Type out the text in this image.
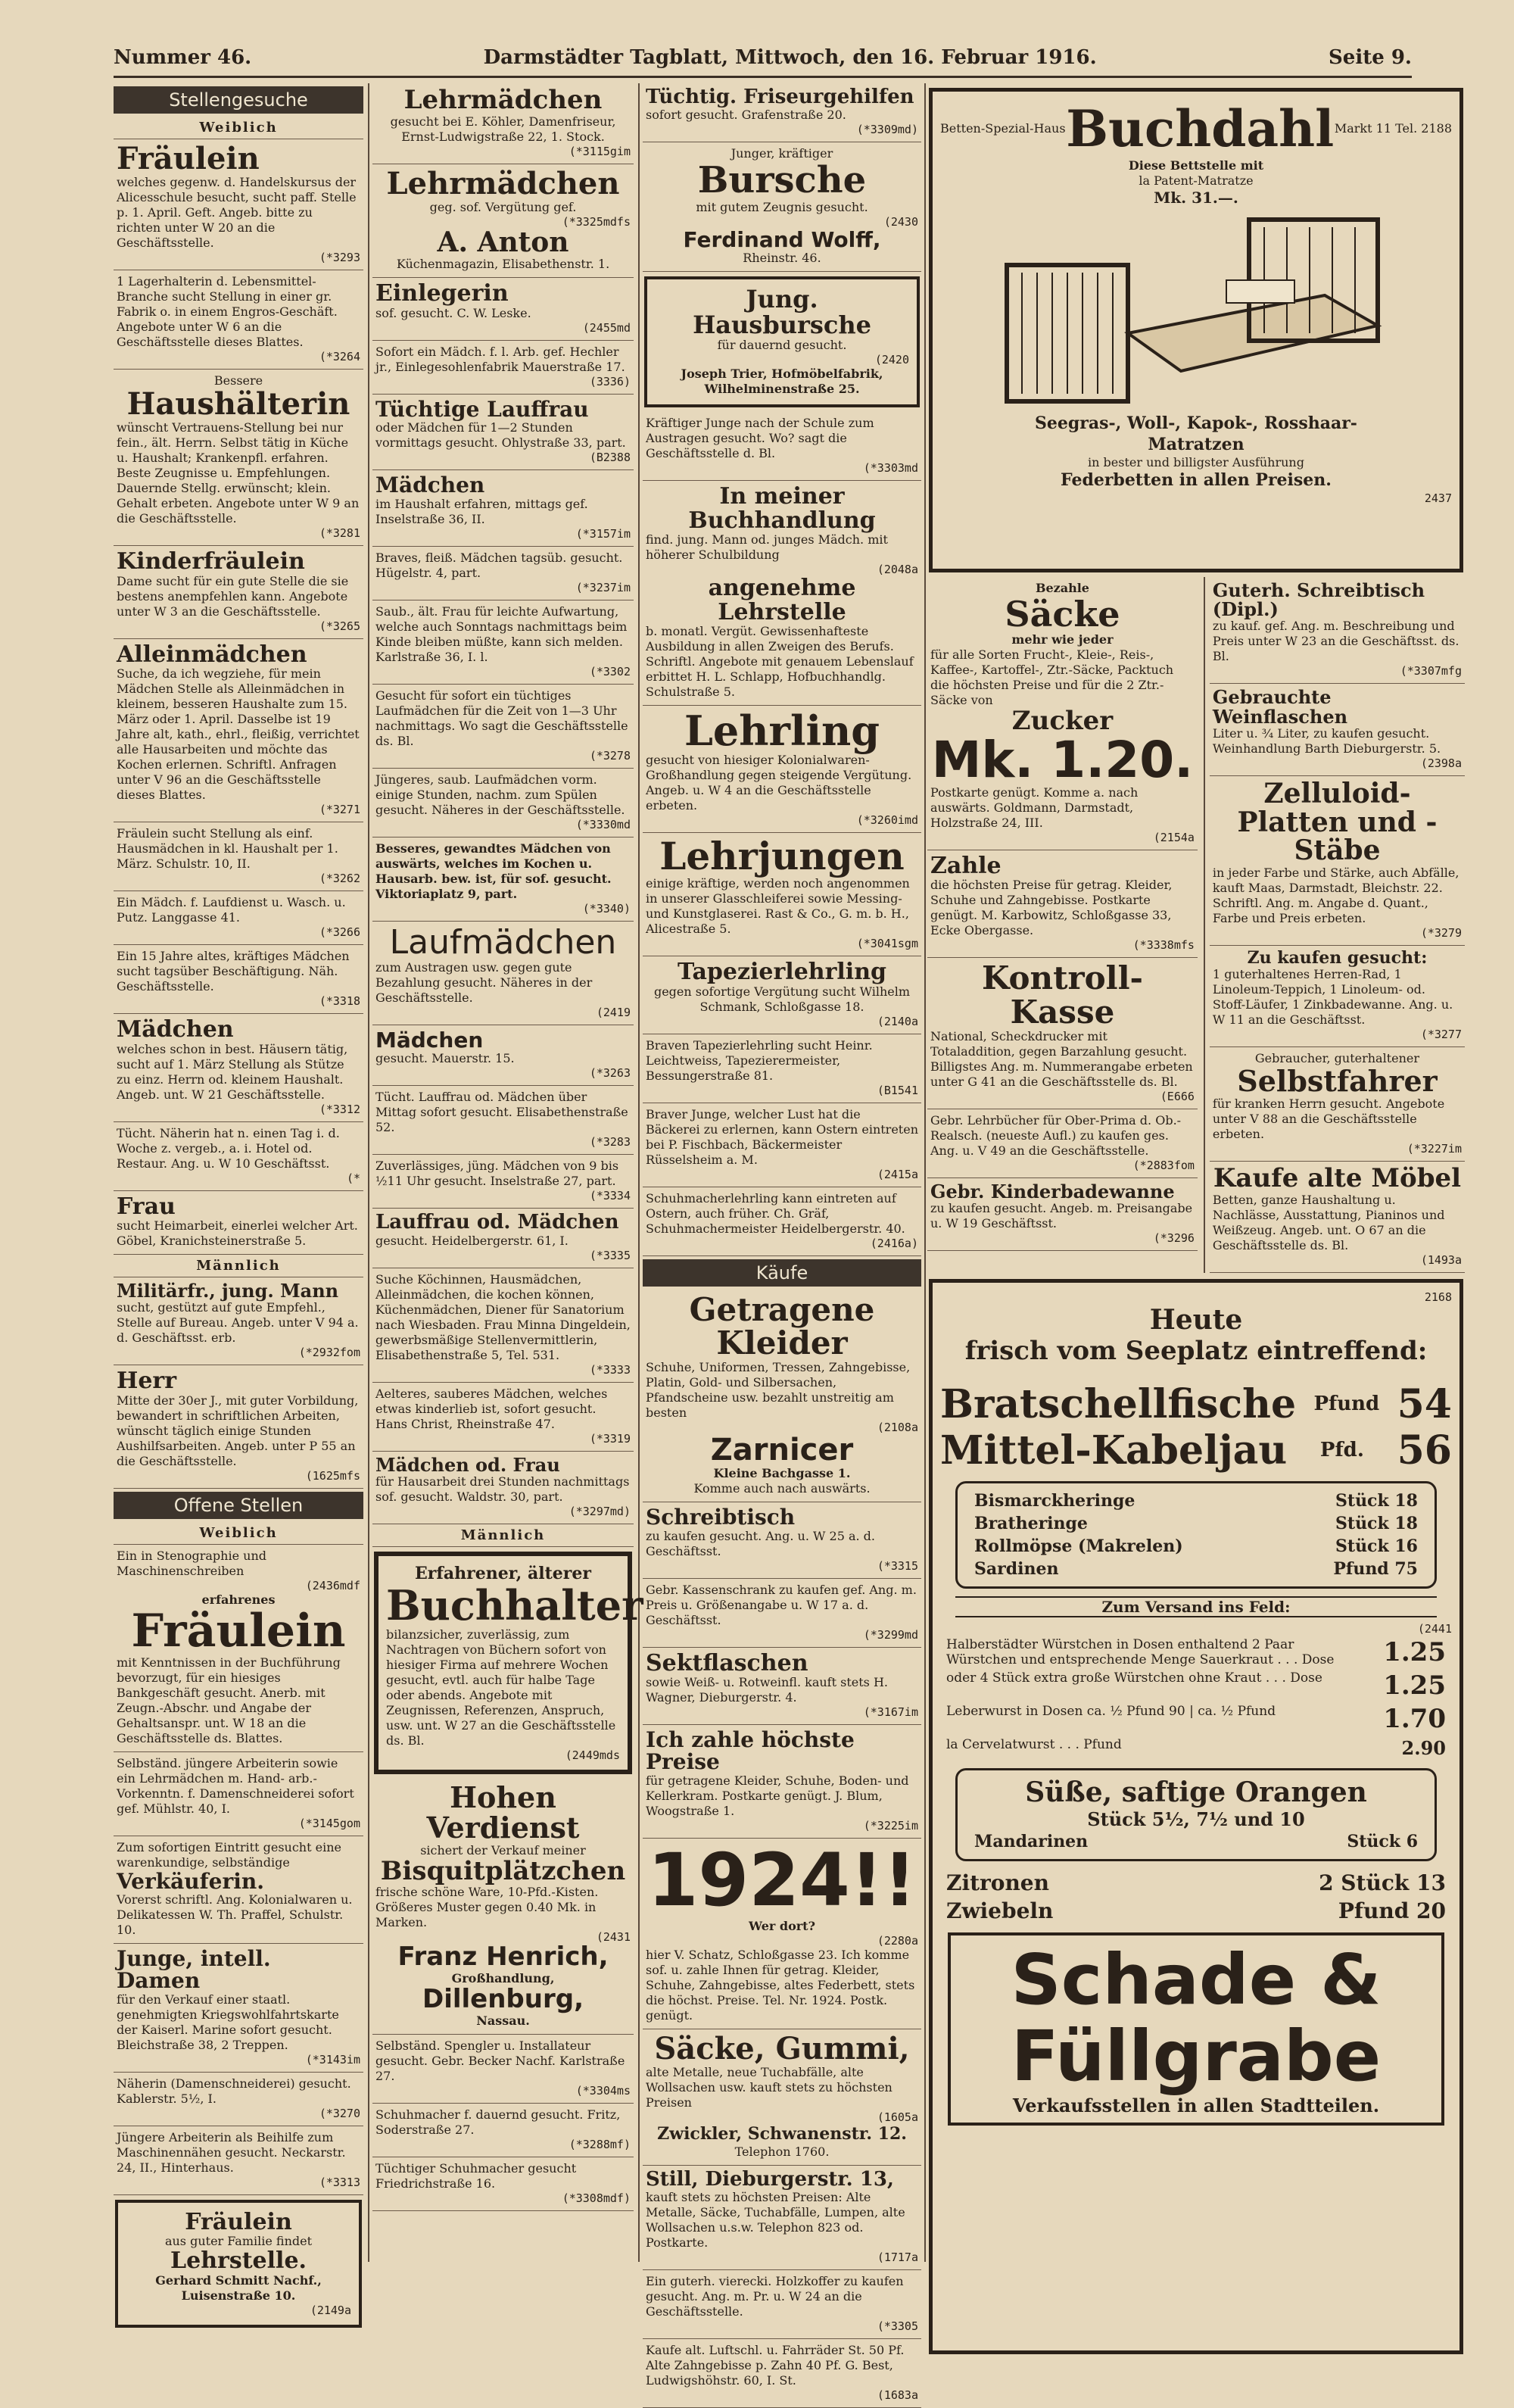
Nummer 46.	Darmstädter Tagblatt, Mittwoch, den 16. Februar 1916.	Seite 9.
Stellengesuche
Weiblich
Fräulein
welches gegenw. d. Handelskursus der Alicesschule besucht, sucht paff. Stelle p. 1. April. Geft. Angeb. bitte zu richten unter W 20 an die Geschäftsstelle.
(*3293
1 Lagerhalterin d. Lebensmittel-Branche sucht Stellung in einer gr. Fabrik o. in einem Engros-Geschäft. Angebote unter W 6 an die Geschäftsstelle dieses Blattes.
(*3264
Bessere
Haushälterin
wünscht Vertrauens-Stellung bei nur fein., ält. Herrn. Selbst tätig in Küche u. Haushalt; Krankenpfl. erfahren. Beste Zeugnisse u. Empfehlungen. Dauernde Stellg. erwünscht; klein. Gehalt erbeten. Angebote unter W 9 an die Geschäftsstelle.
(*3281
Kinderfräulein
Dame sucht für ein gute Stelle die sie bestens anempfehlen kann. Angebote unter W 3 an die Geschäftsstelle.
(*3265
Alleinmädchen
Suche, da ich wegziehe, für mein Mädchen Stelle als Alleinmädchen in kleinem, besseren Haushalte zum 15. März oder 1. April. Dasselbe ist 19 Jahre alt, kath., ehrl., fleißig, verrichtet alle Hausarbeiten und möchte das Kochen erlernen. Schriftl. Anfragen unter V 96 an die Geschäftsstelle dieses Blattes.
(*3271
Fräulein sucht Stellung als einf. Hausmädchen in kl. Haushalt per 1. März. Schulstr. 10, II.
(*3262
Ein Mädch. f. Laufdienst u. Wasch. u. Putz. Langgasse 41.
(*3266
Ein 15 Jahre altes, kräftiges Mädchen sucht tagsüber Beschäftigung. Näh. Geschäftsstelle.
(*3318
Mädchen
welches schon in best. Häusern tätig, sucht auf 1. März Stellung als Stütze zu einz. Herrn od. kleinem Haushalt. Angeb. unt. W 21 Geschäftsstelle.
(*3312
Tücht. Näherin hat n. einen Tag i. d. Woche z. vergeb., a. i. Hotel od. Restaur. Ang. u. W 10 Geschäftsst.
(*
Frau
sucht Heimarbeit, einerlei welcher Art. Göbel, Kranichsteinerstraße 5.
Männlich
Militärfr., jung. Mann
sucht, gestützt auf gute Empfehl., Stelle auf Bureau. Angeb. unter V 94 a. d. Geschäftsst. erb.
(*2932fom
Herr
Mitte der 30er J., mit guter Vorbildung, bewandert in schriftlichen Arbeiten, wünscht täglich einige Stunden Aushilfsarbeiten. Angeb. unter P 55 an die Geschäftsstelle.
(1625mfs
Offene Stellen
Weiblich
Ein in Stenographie und Maschinenschreiben
(2436mdf
erfahrenes
Fräulein
mit Kenntnissen in der Buchführung bevorzugt, für ein hiesiges Bankgeschäft gesucht. Anerb. mit Zeugn.-Abschr. und Angabe der Gehaltsanspr. unt. W 18 an die Geschäftsstelle ds. Blattes.
Selbständ. jüngere Arbeiterin sowie ein Lehrmädchen m. Hand- arb.-Vorkenntn. f. Damenschneiderei sofort gef. Mühlstr. 40, I.
(*3145gom
Zum sofortigen Eintritt gesucht eine warenkundige, selbständige
Verkäuferin.
Vorerst schriftl. Ang. Kolonialwaren u. Delikatessen W. Th. Praffel, Schulstr. 10.
Junge, intell. Damen
für den Verkauf einer staatl. genehmigten Kriegswohlfahrtskarte der Kaiserl. Marine sofort gesucht. Bleichstraße 38, 2 Treppen.
(*3143im
Näherin (Damenschneiderei) gesucht. Kablerstr. 5½, I.
(*3270
Jüngere Arbeiterin als Beihilfe zum Maschinennähen gesucht. Neckarstr. 24, II., Hinterhaus.
(*3313
Fräulein
aus guter Familie findet
Lehrstelle.
Gerhard Schmitt Nachf., Luisenstraße 10.
(2149a
Lehrmädchen
gesucht bei E. Köhler, Damenfriseur, Ernst-Ludwigstraße 22, 1. Stock.
(*3115gim
Lehrmädchen
geg. sof. Vergütung gef.
(*3325mdfs
A. Anton
Küchenmagazin, Elisabethenstr. 1.
Einlegerin
sof. gesucht. C. W. Leske.
(2455md
Sofort ein Mädch. f. l. Arb. gef. Hechler jr., Einlegesohlenfabrik Mauerstraße 17.
(3336)
Tüchtige Lauffrau
oder Mädchen für 1—2 Stunden vormittags gesucht. Ohlystraße 33, part.
(B2388
Mädchen
im Haushalt erfahren, mittags gef. Inselstraße 36, II.
(*3157im
Braves, fleiß. Mädchen tagsüb. gesucht. Hügelstr. 4, part.
(*3237im
Saub., ält. Frau für leichte Aufwartung, welche auch Sonntags nachmittags beim Kinde bleiben müßte, kann sich melden. Karlstraße 36, I. l.
(*3302
Gesucht für sofort ein tüchtiges Laufmädchen für die Zeit von 1—3 Uhr nachmittags. Wo sagt die Geschäftsstelle ds. Bl.
(*3278
Jüngeres, saub. Laufmädchen vorm. einige Stunden, nachm. zum Spülen gesucht. Näheres in der Geschäftsstelle.
(*3330md
Besseres, gewandtes Mädchen von auswärts, welches im Kochen u. Hausarb. bew. ist, für sof. gesucht. Viktoriaplatz 9, part.
(*3340)
Laufmädchen
zum Austragen usw. gegen gute Bezahlung gesucht. Näheres in der Geschäftsstelle.
(2419
Mädchen
gesucht. Mauerstr. 15.
(*3263
Tücht. Lauffrau od. Mädchen über Mittag sofort gesucht. Elisabethenstraße 52.
(*3283
Zuverlässiges, jüng. Mädchen von 9 bis ½11 Uhr gesucht. Inselstraße 27, part.
(*3334
Lauffrau od. Mädchen
gesucht. Heidelbergerstr. 61, I.
(*3335
Suche Köchinnen, Hausmädchen, Alleinmädchen, die kochen können, Küchenmädchen, Diener für Sanatorium nach Wiesbaden. Frau Minna Dingeldein, gewerbsmäßige Stellenvermittlerin, Elisabethenstraße 5, Tel. 531.
(*3333
Aelteres, sauberes Mädchen, welches etwas kinderlieb ist, sofort gesucht. Hans Christ, Rheinstraße 47.
(*3319
Mädchen od. Frau
für Hausarbeit drei Stunden nachmittags sof. gesucht. Waldstr. 30, part.
(*3297md)
Männlich
Erfahrener, älterer
Buchhalter
bilanzsicher, zuverlässig, zum Nachtragen von Büchern sofort von hiesiger Firma auf mehrere Wochen gesucht, evtl. auch für halbe Tage oder abends. Angebote mit Zeugnissen, Referenzen, Anspruch, usw. unt. W 27 an die Geschäftsstelle ds. Bl.
(2449mds
Hohen Verdienst
sichert der Verkauf meiner
Bisquitplätzchen
frische schöne Ware, 10-Pfd.-Kisten. Größeres Muster gegen 0.40 Mk. in Marken.
(2431
Franz Henrich,
Großhandlung,
Dillenburg,
Nassau.
Selbständ. Spengler u. Installateur gesucht. Gebr. Becker Nachf. Karlstraße 27.
(*3304ms
Schuhmacher f. dauernd gesucht. Fritz, Soderstraße 27.
(*3288mf)
Tüchtiger Schuhmacher gesucht Friedrichstraße 16.
(*3308mdf)
Tüchtig. Friseurgehilfen
sofort gesucht. Grafenstraße 20.
(*3309md)
Junger, kräftiger
Bursche
mit gutem Zeugnis gesucht.
(2430
Ferdinand Wolff,
Rheinstr. 46.
Jung. Hausbursche
für dauernd gesucht.
(2420
Joseph Trier, Hofmöbelfabrik, Wilhelminenstraße 25.
Kräftiger Junge nach der Schule zum Austragen gesucht. Wo? sagt die Geschäftsstelle d. Bl.
(*3303md
In meiner Buchhandlung
find. jung. Mann od. junges Mädch. mit höherer Schulbildung
(2048a
angenehme Lehrstelle
b. monatl. Vergüt. Gewissenhafteste Ausbildung in allen Zweigen des Berufs. Schriftl. Angebote mit genauem Lebenslauf erbittet H. L. Schlapp, Hofbuchhandlg. Schulstraße 5.
Lehrling
gesucht von hiesiger Kolonialwaren-Großhandlung gegen steigende Vergütung. Angeb. u. W 4 an die Geschäftsstelle erbeten.
(*3260imd
Lehrjungen
einige kräftige, werden noch angenommen in unserer Glasschleiferei sowie Messing- und Kunstglaserei. Rast & Co., G. m. b. H., Alicestraße 5.
(*3041sgm
Tapezierlehrling
gegen sofortige Vergütung sucht Wilhelm Schmank, Schloßgasse 18.
(2140a
Braven Tapezierlehrling sucht Heinr. Leichtweiss, Tapezierermeister, Bessungerstraße 81.
(B1541
Braver Junge, welcher Lust hat die Bäckerei zu erlernen, kann Ostern eintreten bei P. Fischbach, Bäckermeister Rüsselsheim a. M.
(2415a
Schuhmacherlehrling kann eintreten auf Ostern, auch früher. Ch. Gräf, Schuhmachermeister Heidelbergerstr. 40.
(2416a)
Käufe
Getragene Kleider
Schuhe, Uniformen, Tressen, Zahngebisse, Platin, Gold- und Silbersachen, Pfandscheine usw. bezahlt unstreitig am besten
(2108a
Zarnicer
Kleine Bachgasse 1.
Komme auch nach auswärts.
Schreibtisch
zu kaufen gesucht. Ang. u. W 25 a. d. Geschäftsst.
(*3315
Gebr. Kassenschrank zu kaufen gef. Ang. m. Preis u. Größenangabe u. W 17 a. d. Geschäftsst.
(*3299md
Sektflaschen
sowie Weiß- u. Rotweinfl. kauft stets H. Wagner, Dieburgerstr. 4.
(*3167im
Ich zahle höchste Preise
für getragene Kleider, Schuhe, Boden- und Kellerkram. Postkarte genügt. J. Blum, Woogstraße 1.
(*3225im
1924!!
Wer dort?
(2280a
hier V. Schatz, Schloßgasse 23. Ich komme sof. u. zahle Ihnen für getrag. Kleider, Schuhe, Zahngebisse, altes Federbett, stets die höchst. Preise. Tel. Nr. 1924. Postk. genügt.
Säcke, Gummi,
alte Metalle, neue Tuchabfälle, alte Wollsachen usw. kauft stets zu höchsten Preisen
(1605a
Zwickler, Schwanenstr. 12.
Telephon 1760.
Still, Dieburgerstr. 13,
kauft stets zu höchsten Preisen: Alte Metalle, Säcke, Tuchabfälle, Lumpen, alte Wollsachen u.s.w. Telephon 823 od. Postkarte.
(1717a
Ein guterh. vierecki. Holzkoffer zu kaufen gesucht. Ang. m. Pr. u. W 24 an die Geschäftsstelle.
(*3305
Kaufe alt. Luftschl. u. Fahrräder St. 50 Pf. Alte Zahngebisse p. Zahn 40 Pf. G. Best, Ludwigshöhstr. 60, I. St.
(1683a
Betten-Spezial-Haus Buchdahl Markt 11 Tel. 2188
Diese Bettstelle mit
la Patent-Matratze
Mk. 31.—.
Seegras-, Woll-, Kapok-, Rosshaar-
Matratzen
in bester und billigster Ausführung
Federbetten in allen Preisen.
2437
Bezahle
Säcke
mehr wie jeder
für alle Sorten Frucht-, Kleie-, Reis-, Kaffee-, Kartoffel-, Ztr.-Säcke, Packtuch die höchsten Preise und für die 2 Ztr.-Säcke von
Zucker
Mk. 1.20.
Postkarte genügt. Komme a. nach auswärts. Goldmann, Darmstadt, Holzstraße 24, III.
(2154a
Zahle
die höchsten Preise für getrag. Kleider, Schuhe und Zahngebisse. Postkarte genügt. M. Karbowitz, Schloßgasse 33, Ecke Obergasse.
(*3338mfs
Kontroll-Kasse
National, Scheckdrucker mit Totaladdition, gegen Barzahlung gesucht. Billigstes Ang. m. Nummerangabe erbeten unter G 41 an die Geschäftsstelle ds. Bl.
(E666
Gebr. Lehrbücher für Ober-Prima d. Ob.-Realsch. (neueste Aufl.) zu kaufen ges. Ang. u. V 49 an die Geschäftsstelle.
(*2883fom
Gebr. Kinderbadewanne
zu kaufen gesucht. Angeb. m. Preisangabe u. W 19 Geschäftsst.
(*3296
Guterh. Schreibtisch (Dipl.)
zu kauf. gef. Ang. m. Beschreibung und Preis unter W 23 an die Geschäftsst. ds. Bl.
(*3307mfg
Gebrauchte Weinflaschen
Liter u. ¾ Liter, zu kaufen gesucht. Weinhandlung Barth Dieburgerstr. 5.
(2398a
Zelluloid-Platten und -Stäbe
in jeder Farbe und Stärke, auch Abfälle, kauft Maas, Darmstadt, Bleichstr. 22. Schriftl. Ang. m. Angabe d. Quant., Farbe und Preis erbeten.
(*3279
Zu kaufen gesucht:
1 guterhaltenes Herren-Rad, 1 Linoleum-Teppich, 1 Linoleum- od. Stoff-Läufer, 1 Zinkbadewanne. Ang. u. W 11 an die Geschäftsst.
(*3277
Gebraucher, guterhaltener
Selbstfahrer
für kranken Herrn gesucht. Angebote unter V 88 an die Geschäftsstelle erbeten.
(*3227im
Kaufe alte Möbel
Betten, ganze Haushaltung u. Nachlässe, Ausstattung, Pianinos und Weißzeug. Angeb. unt. O 67 an die Geschäftsstelle ds. Bl.
(1493a
2168
Heute
frisch vom Seeplatz eintreffend:
Bratschellfische Pfund 54
Mittel-Kabeljau Pfd. 56
Bismarckheringe	Stück 18
Bratheringe	Stück 18
Rollmöpse (Makrelen)	Stück 16
Sardinen	Pfund 75
Zum Versand ins Feld:
(2441
Halberstädter Würstchen in Dosen enthaltend 2 Paar Würstchen und entsprechende Menge Sauerkraut . . . Dose 1.25
oder 4 Stück extra große Würstchen ohne Kraut . . . Dose	1.25
Leberwurst in Dosen ca. ½ Pfund 90 | ca. ½ Pfund	1.70
la Cervelatwurst . . . Pfund	2.90
Süße, saftige Orangen
Stück 5½, 7½ und 10
Mandarinen	Stück 6
Zitronen	2 Stück 13
Zwiebeln	Pfund 20
Schade &
Füllgrabe
Verkaufsstellen in allen Stadtteilen.
